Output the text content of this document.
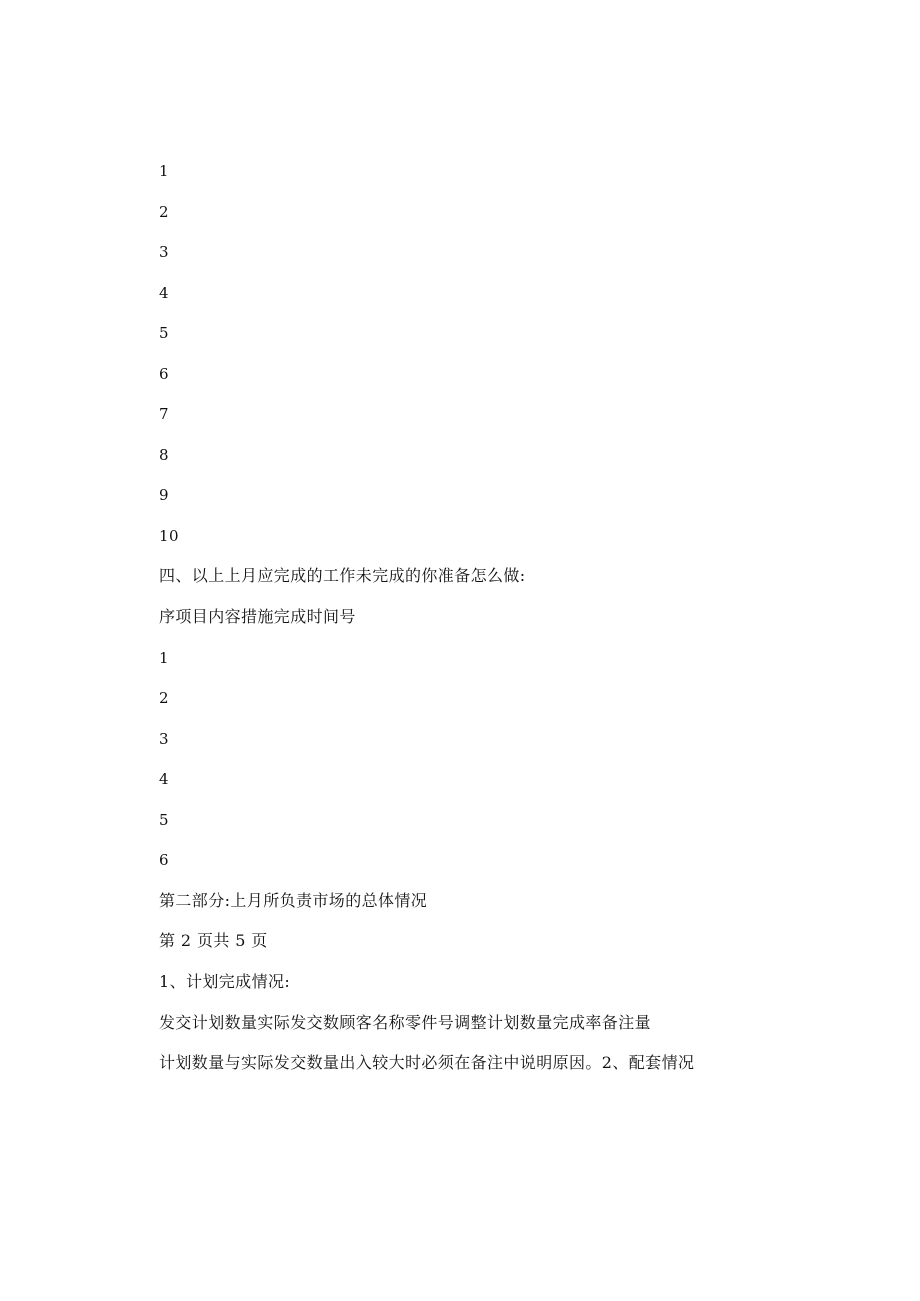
1
2
3
4
5
6
7
8
9
10
四、以上上月应完成的工作未完成的你准备怎么做:
序项目内容措施完成时间号
1
2
3
4
5
6
第二部分:上月所负责市场的总体情况
第 2 页共 5 页
1、计划完成情况:
发交计划数量实际发交数顾客名称零件号调整计划数量完成率备注量
计划数量与实际发交数量出入较大时必须在备注中说明原因。2、配套情况
